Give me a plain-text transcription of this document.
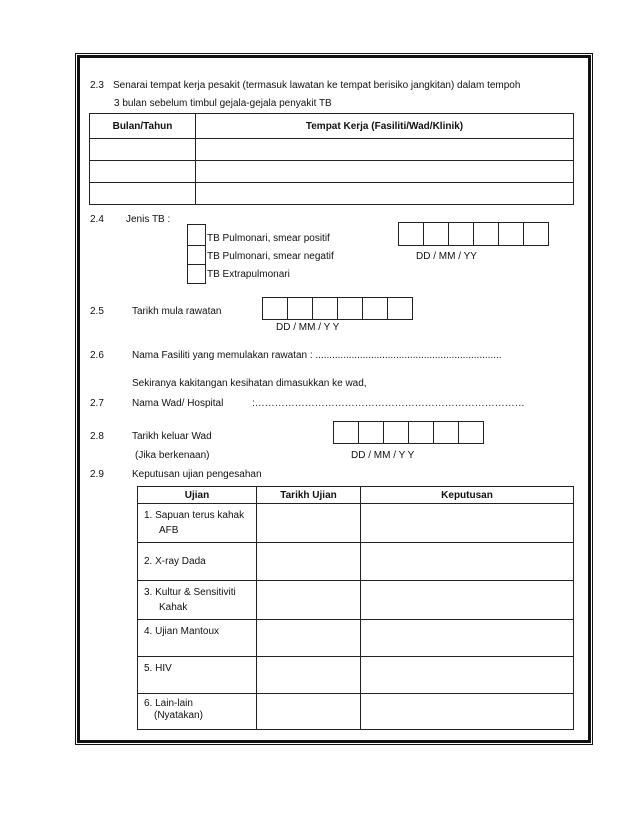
2.3 Senarai tempat kerja pesakit (termasuk lawatan ke tempat berisiko jangkitan) dalam tempoh
3 bulan sebelum timbul gejala-gejala penyakit TB
Bulan/Tahun	Tempat Kerja (Fasiliti/Wad/Klinik)

2.4 Jenis TB :
TB Pulmonari, smear positif
TB Pulmonari, smear negatif
TB Extrapulmonari
DD / MM / YY
2.5	Tarikh mula rawatan
DD / MM / Y Y
2.6	Nama Fasiliti yang memulakan rawatan : ...................................................................
Sekiranya kakitangan kesihatan dimasukkan ke wad,
2.7	Nama Wad/ Hospital	:………………………………………………………………………
2.8	Tarikh keluar Wad
(Jika berkenaan)	DD / MM / Y Y
2.9	Keputusan ujian pengesahan
Ujian	Tarikh Ujian	Keputusan

1. Sapuan terus kahak
AFB		

2. X-ray Dada		

3. Kultur & Sensitiviti
Kahak		

4. Ujian Mantoux		

5. HIV		

6. Lain-lain
(Nyatakan)		
